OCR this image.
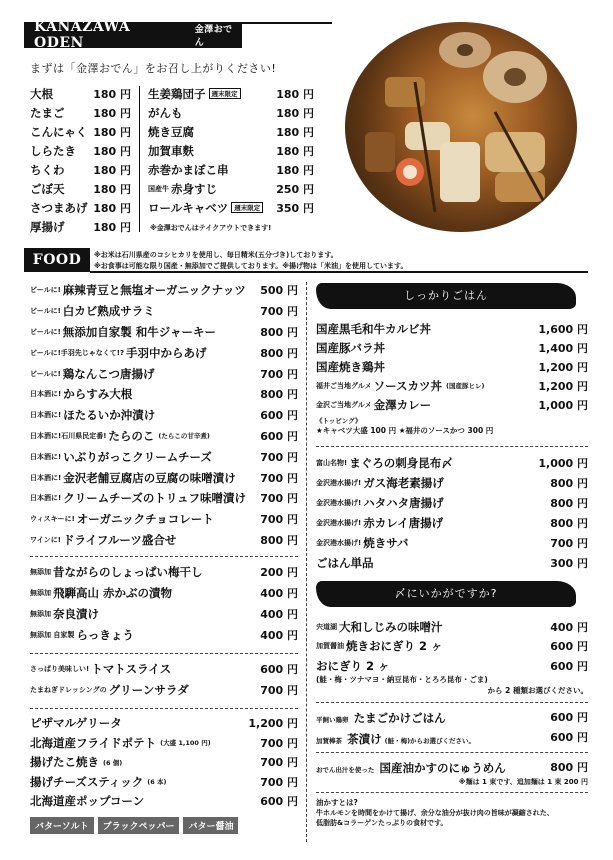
KANAZAWA ODEN
金澤おでん
まずは「金澤おでん」をお召し上がりください!
大根	180 円
たまご	180 円
こんにゃく 180 円
しらたき 180 円
ちくわ	180 円
ごぼ天	180 円
さつまあげ 180 円
厚揚げ	180 円
生姜鶏団子 週末限定	180 円
がんも	180 円
焼き豆腐	180 円
加賀車麩	180 円
赤巻かまぼこ串	180 円
国産牛 赤身すじ	250 円
ロールキャベツ 週末限定 350 円
※金澤おでんはテイクアウトできます!
FOOD ※お米は石川県産のコシヒカリを使用し、毎日精米(五分づき)しております。
※お食事は可能な限り国産・無添加でご提供しております。※揚げ物は「米油」を使用しています。
ビールに! 麻辣青豆と無塩オーガニックナッツ 500 円
ビールに! 白カビ熟成サラミ	700 円
ビールに! 無添加自家製 和牛ジャーキー	800 円
ビールに!手羽先じゃなくて!? 手羽中からあげ	800 円
ビールに! 鶏なんこつ唐揚げ	700 円
日本酒に! からすみ大根	800 円
日本酒に! ほたるいか沖漬け	600 円
日本酒に!石川県民定番! たらのこ (たらこの甘辛煮)	600 円
日本酒に! いぶりがっこクリームチーズ	700 円
日本酒に! 金沢老舗豆腐店の豆腐の味噌漬け 700 円
日本酒に! クリームチーズのトリュフ味噌漬け 700 円
ウィスキーに! オーガニックチョコレート	700 円
ワインに! ドライフルーツ盛合せ	800 円
無添加 昔ながらのしょっぱい梅干し	200 円
無添加 飛騨高山 赤かぶの漬物	400 円
無添加 奈良漬け	400 円
無添加 自家製 らっきょう	400 円
さっぱり美味しい! トマトスライス	600 円
たまねぎドレッシングの グリーンサラダ	700 円
ピザマルゲリータ	1,200 円
北海道産フライドポテト (大盛 1,100 円)	700 円
揚げたこ焼き (6 個)	700 円
揚げチーズスティック (6 本)	700 円
北海道産ポップコーン	600 円
バターソルト	ブラックペッパー	バター醤油
しっかりごはん
国産黒毛和牛カルビ丼	1,600 円
国産豚バラ丼	1,400 円
国産焼き鶏丼	1,200 円
福井ご当地グルメ ソースカツ丼 (国産豚ヒレ)	1,200 円
金沢ご当地グルメ 金澤カレー	1,000 円
《トッピング》
★キャベツ大盛 100 円 ★福井のソースかつ 300 円
富山名物! まぐろの刺身昆布〆	1,000 円
金沢港水揚げ! ガス海老素揚げ	800 円
金沢港水揚げ! ハタハタ唐揚げ	800 円
金沢港水揚げ! 赤カレイ唐揚げ	800 円
金沢港水揚げ! 焼きサバ	700 円
ごはん単品	300 円
〆にいかがですか?
宍道湖 大和しじみの味噌汁	400 円
加賀醤油 焼きおにぎり 2 ヶ	600 円
おにぎり 2 ヶ	600 円
(鮭・梅・ツナマヨ・納豆昆布・とろろ昆布・ごま)
から 2 種類お選びください。
平飼い鶏卵 たまごかけごはん	600 円
加賀棒茶 茶漬け (鮭・梅)からお選びください。	600 円
おでん出汁を使った 国産油かすのにゅうめん	800 円
※麺は 1 束です、追加麺は 1 束 200 円
油かすとは?
牛ホルモンを時間をかけて揚げ、余分な油分が抜け肉の旨味が凝縮された、
低脂肪&コラーゲンたっぷりの食材です。
